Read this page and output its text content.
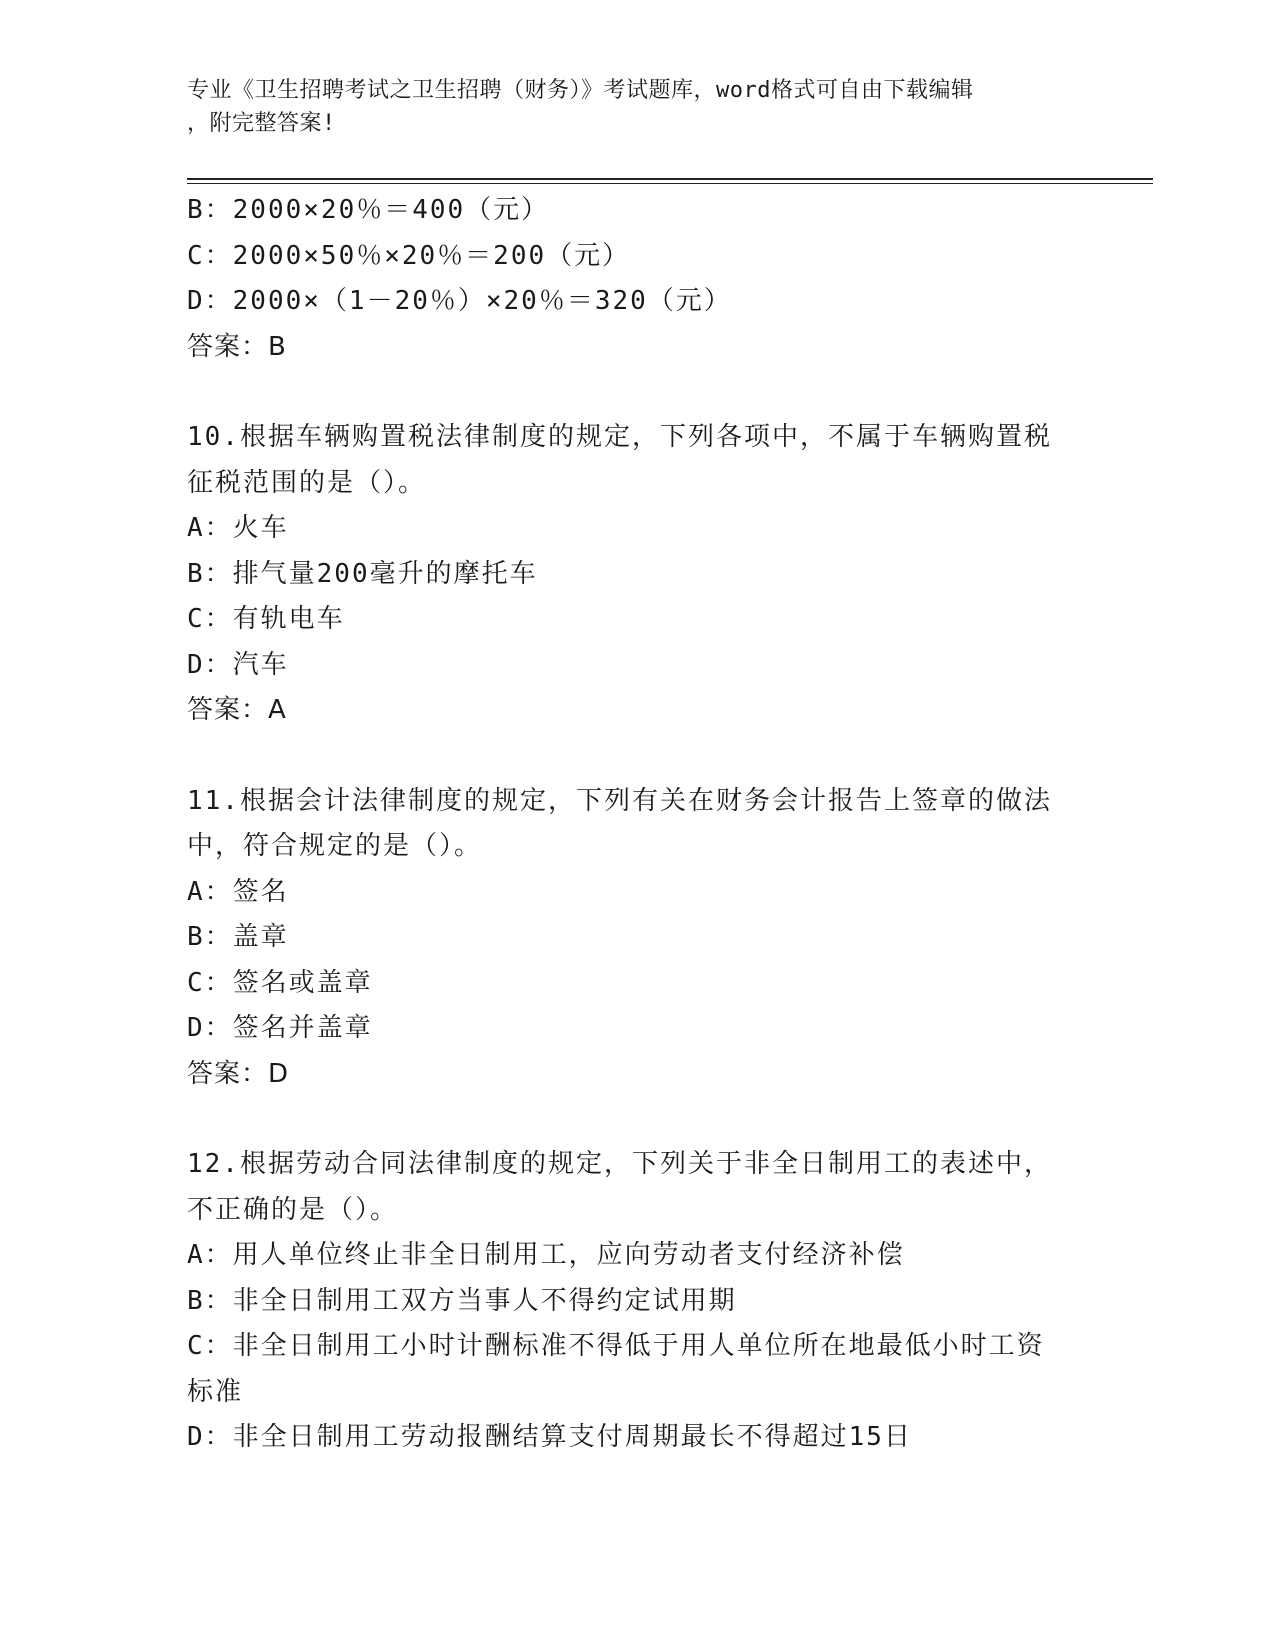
专业《卫生招聘考试之卫生招聘（财务）》考试题库，word格式可自由下载编辑
，附完整答案!
B：2000×20％＝400（元）
C：2000×50％×20％＝200（元）
D：2000×（1－20％）×20％＝320（元）
答案：B
10.根据车辆购置税法律制度的规定，下列各项中，不属于车辆购置税
征税范围的是（）。
A：火车
B：排气量200毫升的摩托车
C：有轨电车
D：汽车
答案：A
11.根据会计法律制度的规定，下列有关在财务会计报告上签章的做法
中，符合规定的是（）。
A：签名
B：盖章
C：签名或盖章
D：签名并盖章
答案：D
12.根据劳动合同法律制度的规定，下列关于非全日制用工的表述中，
不正确的是（）。
A：用人单位终止非全日制用工，应向劳动者支付经济补偿
B：非全日制用工双方当事人不得约定试用期
C：非全日制用工小时计酬标准不得低于用人单位所在地最低小时工资
标准
D：非全日制用工劳动报酬结算支付周期最长不得超过15日
